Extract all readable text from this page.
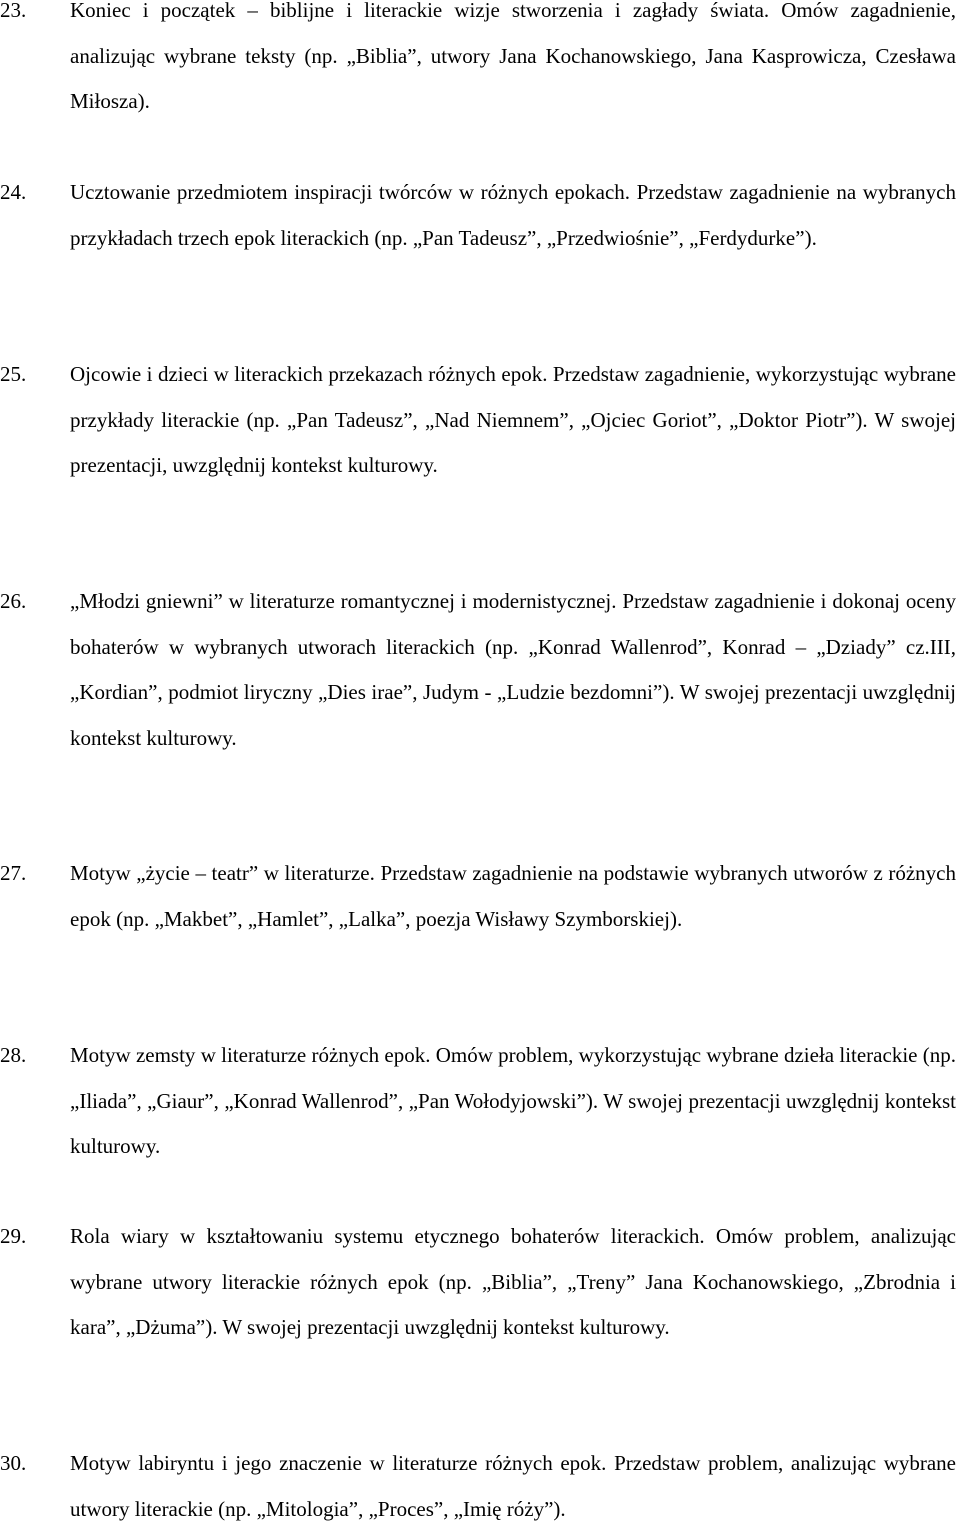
23. Koniec i początek – biblijne i literackie wizje stworzenia i zagłady świata. Omów zagadnienie, analizując wybrane teksty (np. „Biblia”, utwory Jana Kochanowskiego, Jana Kasprowicza, Czesława Miłosza).
24. Ucztowanie przedmiotem inspiracji twórców w różnych epokach. Przedstaw zagadnienie na wybranych przykładach trzech epok literackich (np. „Pan Tadeusz”, „Przedwiośnie”, „Ferdydurke”).
25. Ojcowie i dzieci w literackich przekazach różnych epok. Przedstaw zagadnienie, wykorzystując wybrane przykłady literackie (np. „Pan Tadeusz”, „Nad Niemnem”, „Ojciec Goriot”, „Doktor Piotr”). W swojej prezentacji, uwzględnij kontekst kulturowy.
26. „Młodzi gniewni” w literaturze romantycznej i modernistycznej. Przedstaw zagadnienie i dokonaj oceny bohaterów w wybranych utworach literackich (np. „Konrad Wallenrod”, Konrad – „Dziady” cz.III, „Kordian”, podmiot liryczny „Dies irae”, Judym - „Ludzie bezdomni”). W swojej prezentacji uwzględnij kontekst kulturowy.
27. Motyw „życie – teatr” w literaturze. Przedstaw zagadnienie na podstawie wybranych utworów z różnych epok (np. „Makbet”, „Hamlet”, „Lalka”, poezja Wisławy Szymborskiej).
28. Motyw zemsty w literaturze różnych epok. Omów problem, wykorzystując wybrane dzieła literackie (np. „Iliada”, „Giaur”, „Konrad Wallenrod”, „Pan Wołodyjowski”). W swojej prezentacji uwzględnij kontekst kulturowy.
29. Rola wiary w kształtowaniu systemu etycznego bohaterów literackich. Omów problem, analizując wybrane utwory literackie różnych epok (np. „Biblia”, „Treny” Jana Kochanowskiego, „Zbrodnia i kara”, „Dżuma”). W swojej prezentacji uwzględnij kontekst kulturowy.
30. Motyw labiryntu i jego znaczenie w literaturze różnych epok. Przedstaw problem, analizując wybrane utwory literackie (np. „Mitologia”, „Proces”, „Imię róży”).
